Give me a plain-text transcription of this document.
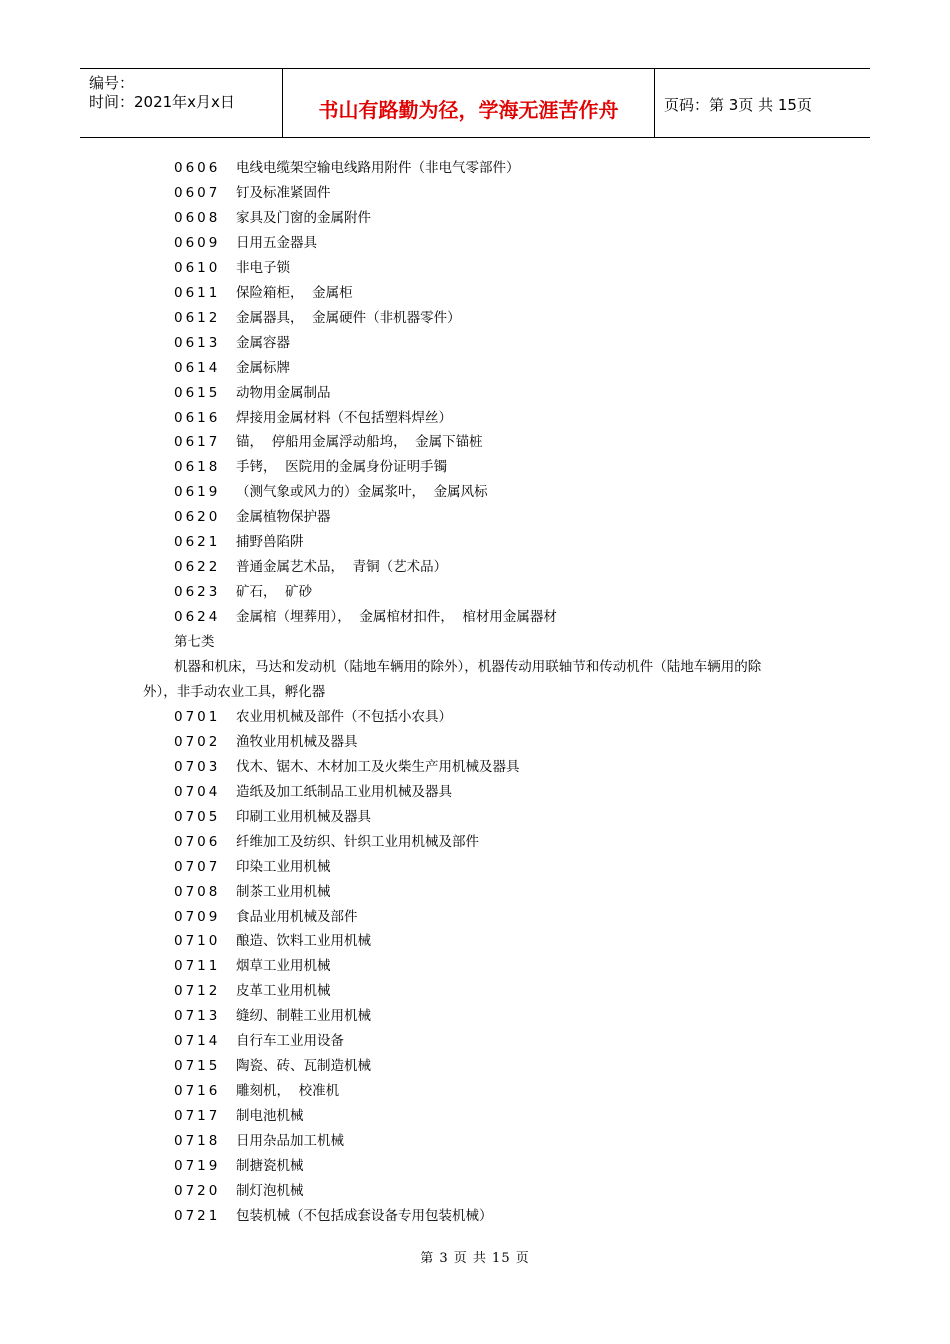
编号：
时间：2021年x月x日	书山有路勤为径，学海无涯苦作舟	页码：第 3页 共 15页
0606 电线电缆架空输电线路用附件（非电气零部件）
0607 钉及标准紧固件
0608 家具及门窗的金属附件
0609 日用五金器具
0610 非电子锁
0611 保险箱柜，  金属柜
0612 金属器具，  金属硬件（非机器零件）
0613 金属容器
0614 金属标牌
0615 动物用金属制品
0616 焊接用金属材料（不包括塑料焊丝）
0617 锚，  停船用金属浮动船坞，  金属下锚桩
0618 手铐，  医院用的金属身份证明手镯
0619 （测气象或风力的）金属浆叶，  金属风标
0620 金属植物保护器
0621 捕野兽陷阱
0622 普通金属艺术品，  青铜（艺术品）
0623 矿石，  矿砂
0624 金属棺（埋葬用），  金属棺材扣件，  棺材用金属器材
第七类
机器和机床，马达和发动机（陆地车辆用的除外），机器传动用联轴节和传动机件（陆地车辆用的除
外），非手动农业工具，孵化器
0701 农业用机械及部件（不包括小农具）
0702 渔牧业用机械及器具
0703 伐木、锯木、木材加工及火柴生产用机械及器具
0704 造纸及加工纸制品工业用机械及器具
0705 印刷工业用机械及器具
0706 纤维加工及纺织、针织工业用机械及部件
0707 印染工业用机械
0708 制茶工业用机械
0709 食品业用机械及部件
0710 酿造、饮料工业用机械
0711 烟草工业用机械
0712 皮革工业用机械
0713 缝纫、制鞋工业用机械
0714 自行车工业用设备
0715 陶瓷、砖、瓦制造机械
0716 雕刻机，  校准机
0717 制电池机械
0718 日用杂品加工机械
0719 制搪瓷机械
0720 制灯泡机械
0721 包装机械（不包括成套设备专用包装机械）
第 3 页 共 15 页
